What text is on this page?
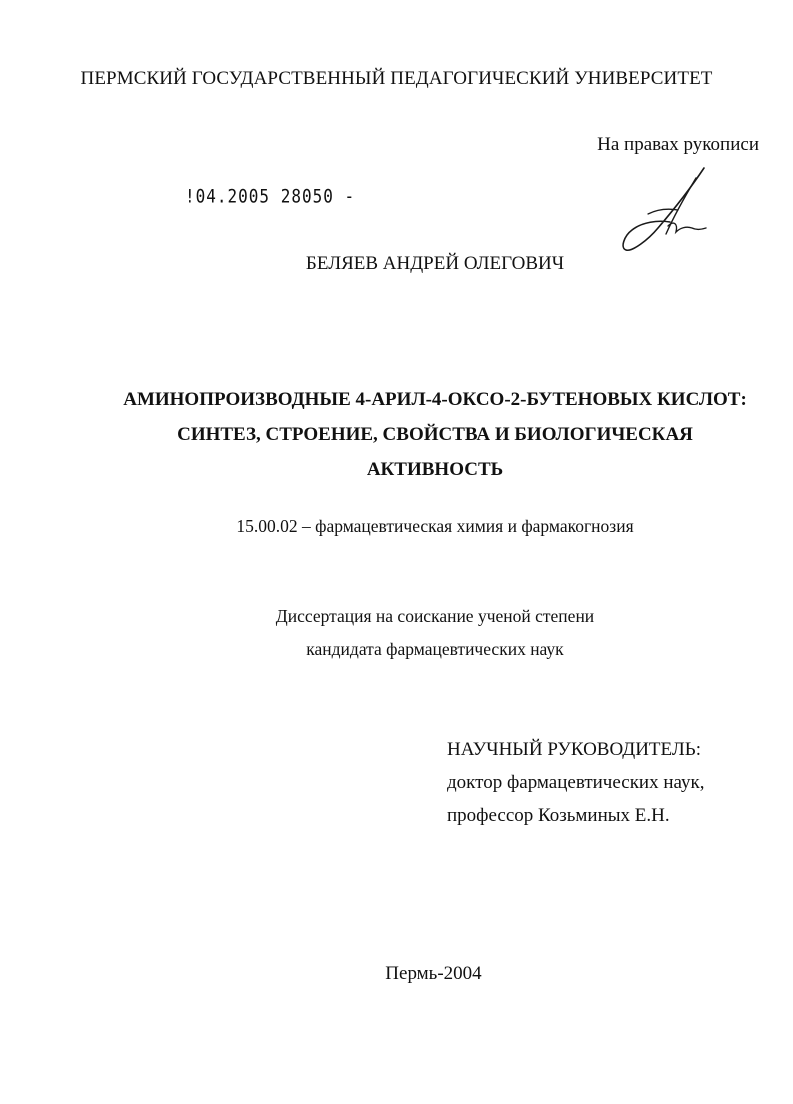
ПЕРМСКИЙ ГОСУДАРСТВЕННЫЙ ПЕДАГОГИЧЕСКИЙ УНИВЕРСИТЕТ
На правах рукописи
!04.2005 28050 -
БЕЛЯЕВ АНДРЕЙ ОЛЕГОВИЧ
АМИНОПРОИЗВОДНЫЕ 4-АРИЛ-4-ОКСО-2-БУТЕНОВЫХ КИСЛОТ:
СИНТЕЗ, СТРОЕНИЕ, СВОЙСТВА И БИОЛОГИЧЕСКАЯ
АКТИВНОСТЬ
15.00.02 – фармацевтическая химия и фармакогнозия
Диссертация на соискание ученой степени
кандидата фармацевтических наук
НАУЧНЫЙ РУКОВОДИТЕЛЬ:
доктор фармацевтических наук,
профессор Козьминых Е.Н.
Пермь-2004
